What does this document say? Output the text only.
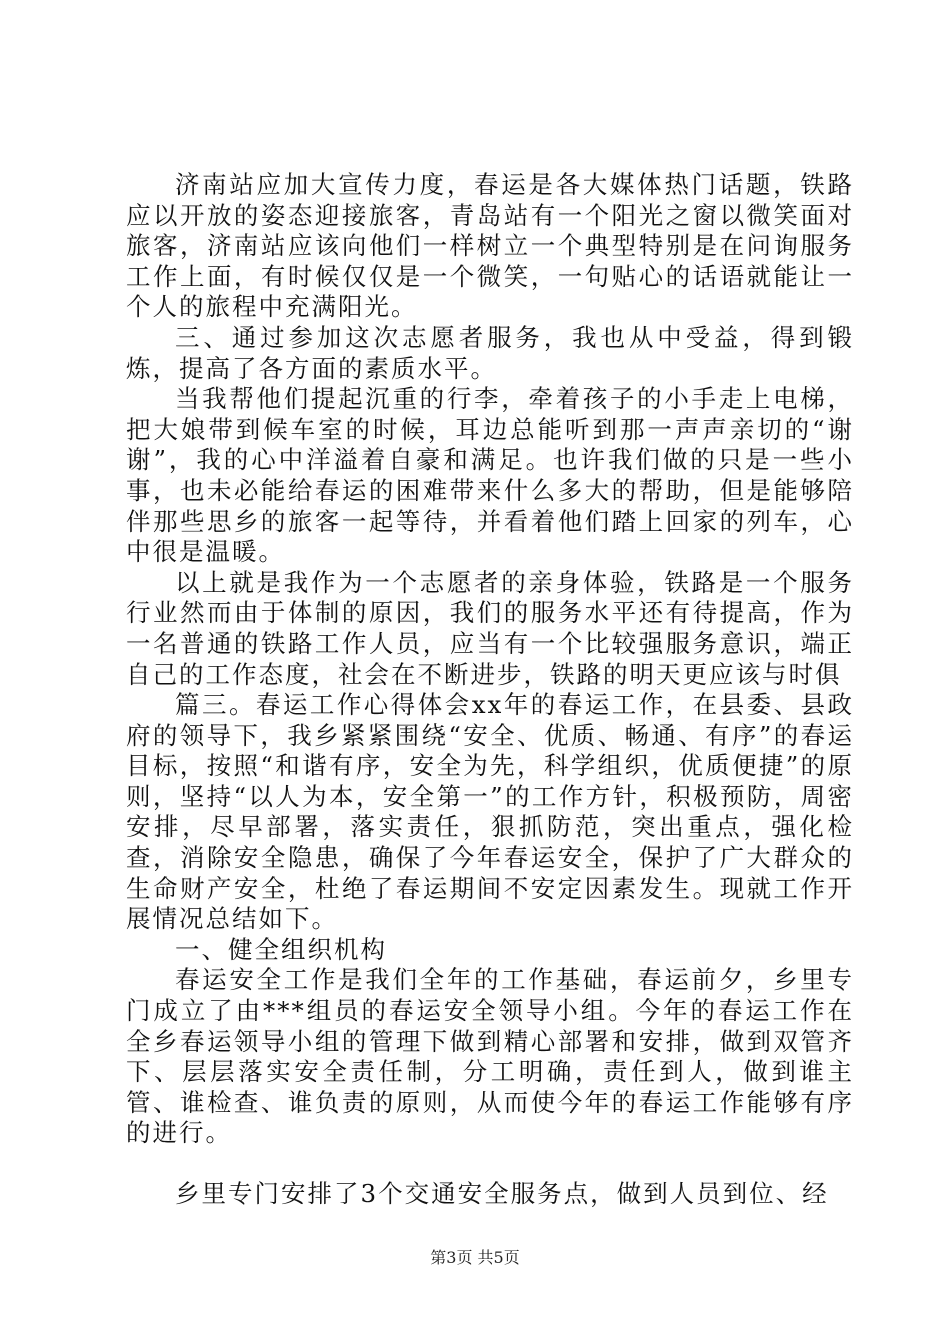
济南站应加大宣传力度，春运是各大媒体热门话题，铁路应以开放的姿态迎接旅客，青岛站有一个阳光之窗以微笑面对旅客，济南站应该向他们一样树立一个典型特别是在问询服务工作上面，有时候仅仅是一个微笑，一句贴心的话语就能让一个人的旅程中充满阳光。

三、通过参加这次志愿者服务，我也从中受益，得到锻炼，提高了各方面的素质水平。

当我帮他们提起沉重的行李，牵着孩子的小手走上电梯，把大娘带到候车室的时候，耳边总能听到那一声声亲切的“谢谢”，我的心中洋溢着自豪和满足。也许我们做的只是一些小事，也未必能给春运的困难带来什么多大的帮助，但是能够陪伴那些思乡的旅客一起等待，并看着他们踏上回家的列车，心中很是温暖。

以上就是我作为一个志愿者的亲身体验，铁路是一个服务行业然而由于体制的原因，我们的服务水平还有待提高，作为一名普通的铁路工作人员，应当有一个比较强服务意识，端正自己的工作态度，社会在不断进步，铁路的明天更应该与时俱

篇三。春运工作心得体会xx年的春运工作，在县委、县政府的领导下，我乡紧紧围绕“安全、优质、畅通、有序”的春运目标，按照“和谐有序，安全为先，科学组织，优质便捷”的原则，坚持“以人为本，安全第一”的工作方针，积极预防，周密安排，尽早部署，落实责任，狠抓防范，突出重点，强化检查，消除安全隐患，确保了今年春运安全，保护了广大群众的生命财产安全，杜绝了春运期间不安定因素发生。现就工作开展情况总结如下。

一、健全组织机构

春运安全工作是我们全年的工作基础，春运前夕，乡里专门成立了由***组员的春运安全领导小组。今年的春运工作在全乡春运领导小组的管理下做到精心部署和安排，做到双管齐下、层层落实安全责任制，分工明确，责任到人，做到谁主管、谁检查、谁负责的原则，从而使今年的春运工作能够有序的进行。

乡里专门安排了3个交通安全服务点，做到人员到位、经

第3页 共5页
